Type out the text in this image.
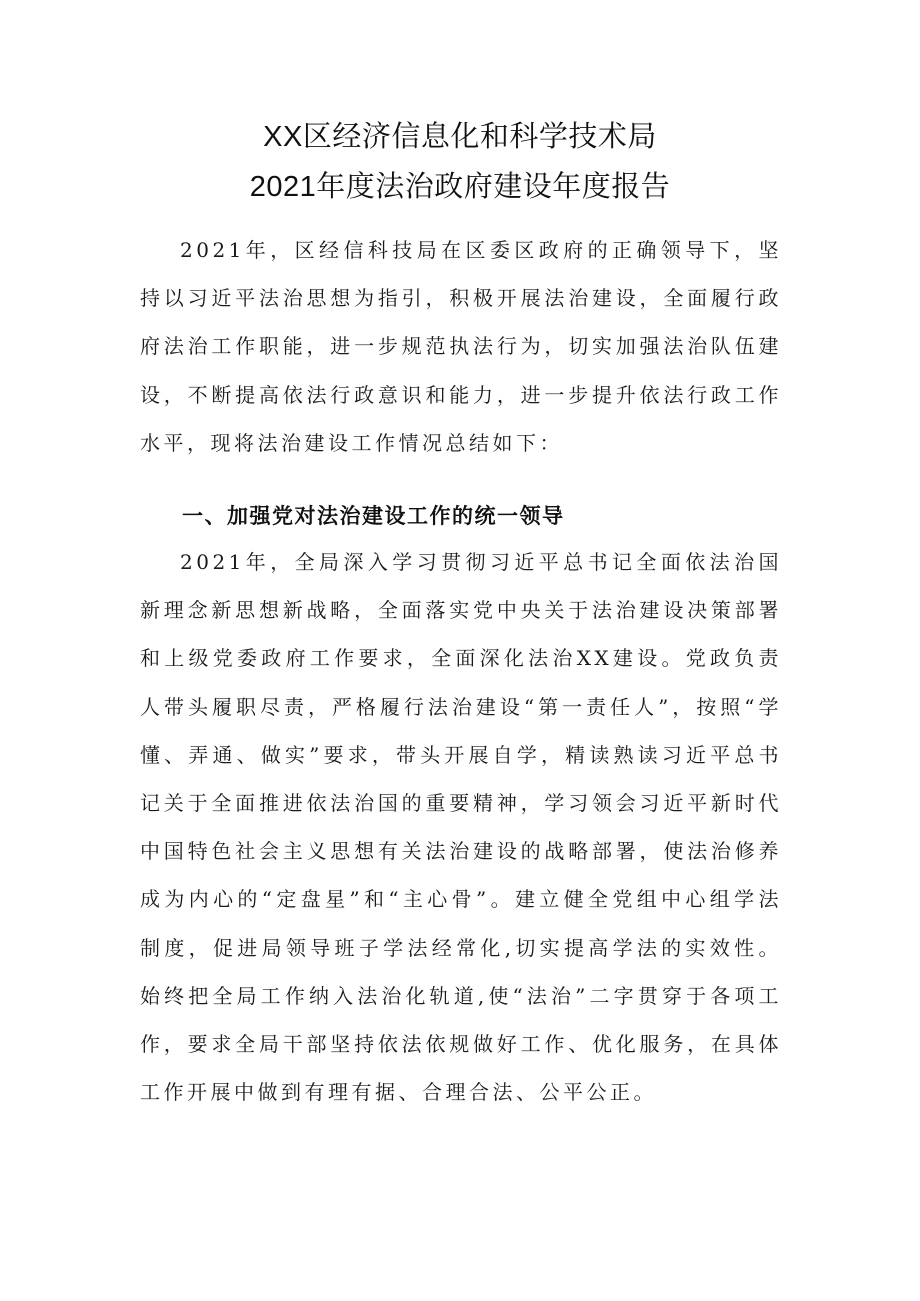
XX区经济信息化和科学技术局
2021年度法治政府建设年度报告

2021年，区经信科技局在区委区政府的正确领导下，坚持以习近平法治思想为指引，积极开展法治建设，全面履行政府法治工作职能，进一步规范执法行为，切实加强法治队伍建设，不断提高依法行政意识和能力，进一步提升依法行政工作水平，现将法治建设工作情况总结如下：

一、加强党对法治建设工作的统一领导

2021年，全局深入学习贯彻习近平总书记全面依法治国新理念新思想新战略，全面落实党中央关于法治建设决策部署和上级党委政府工作要求，全面深化法治XX建设。党政负责人带头履职尽责，严格履行法治建设“第一责任人”，按照“学懂、弄通、做实”要求，带头开展自学，精读熟读习近平总书记关于全面推进依法治国的重要精神，学习领会习近平新时代中国特色社会主义思想有关法治建设的战略部署，使法治修养成为内心的“定盘星”和“主心骨”。建立健全党组中心组学法制度，促进局领导班子学法经常化,切实提高学法的实效性。始终把全局工作纳入法治化轨道,使“法治”二字贯穿于各项工作，要求全局干部坚持依法依规做好工作、优化服务，在具体工作开展中做到有理有据、合理合法、公平公正。
